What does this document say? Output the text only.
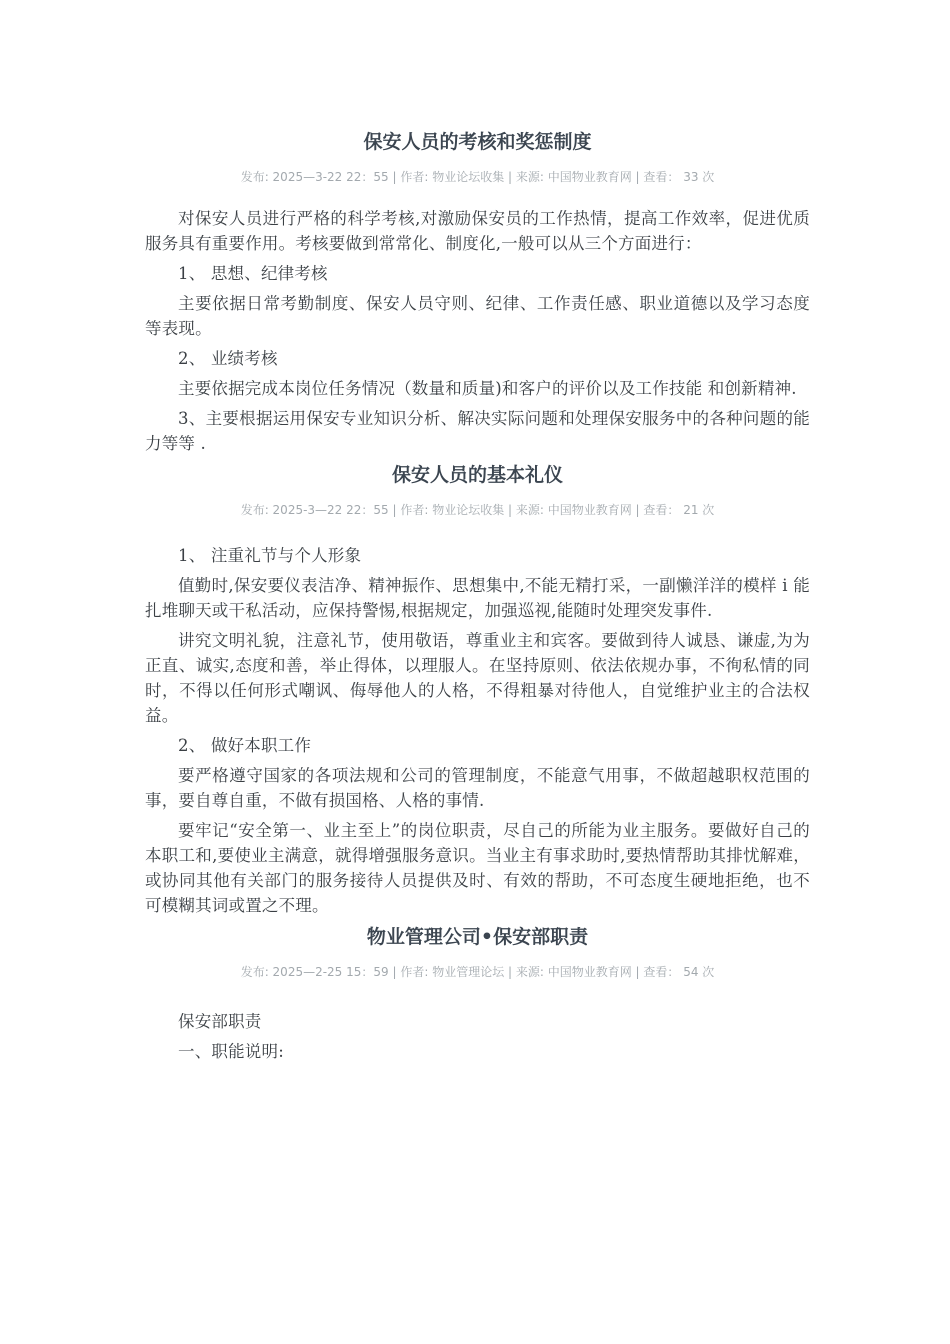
保安人员的考核和奖惩制度
发布: 2025—3-22 22：55 | 作者: 物业论坛收集 | 来源: 中国物业教育网 | 查看： 33 次

对保安人员进行严格的科学考核,对激励保安员的工作热情，提高工作效率，促进优质服务具有重要作用。考核要做到常常化、制度化,一般可以从三个方面进行：

1、 思想、纪律考核

主要依据日常考勤制度、保安人员守则、纪律、工作责任感、职业道德以及学习态度等表现。

2、 业绩考核

主要依据完成本岗位任务情况（数量和质量)和客户的评价以及工作技能 和创新精神.

3、主要根据运用保安专业知识分析、解决实际问题和处理保安服务中的各种问题的能力等等 .

保安人员的基本礼仪
发布: 2025-3—22 22：55 | 作者: 物业论坛收集 | 来源: 中国物业教育网 | 查看： 21 次

1、 注重礼节与个人形象

值勤时,保安要仪表洁净、精神振作、思想集中,不能无精打采，一副懒洋洋的模样 i 能扎堆聊天或干私活动，应保持警惕,根据规定，加强巡视,能随时处理突发事件.

讲究文明礼貌，注意礼节，使用敬语，尊重业主和宾客。要做到待人诚恳、谦虚,为为正直、诚实,态度和善，举止得体，以理服人。在坚持原则、依法依规办事，不徇私情的同时，不得以任何形式嘲讽、侮辱他人的人格，不得粗暴对待他人，自觉维护业主的合法权益。

2、 做好本职工作

要严格遵守国家的各项法规和公司的管理制度，不能意气用事，不做超越职权范围的事，要自尊自重，不做有损国格、人格的事情.

要牢记“安全第一、业主至上”的岗位职责，尽自己的所能为业主服务。要做好自己的本职工和,要使业主满意，就得增强服务意识。当业主有事求助时,要热情帮助其排忧解难，或协同其他有关部门的服务接待人员提供及时、有效的帮助，不可态度生硬地拒绝，也不可模糊其词或置之不理。

物业管理公司•保安部职责
发布: 2025—2-25 15：59 | 作者: 物业管理论坛 | 来源: 中国物业教育网 | 查看： 54 次

保安部职责

一、职能说明:
